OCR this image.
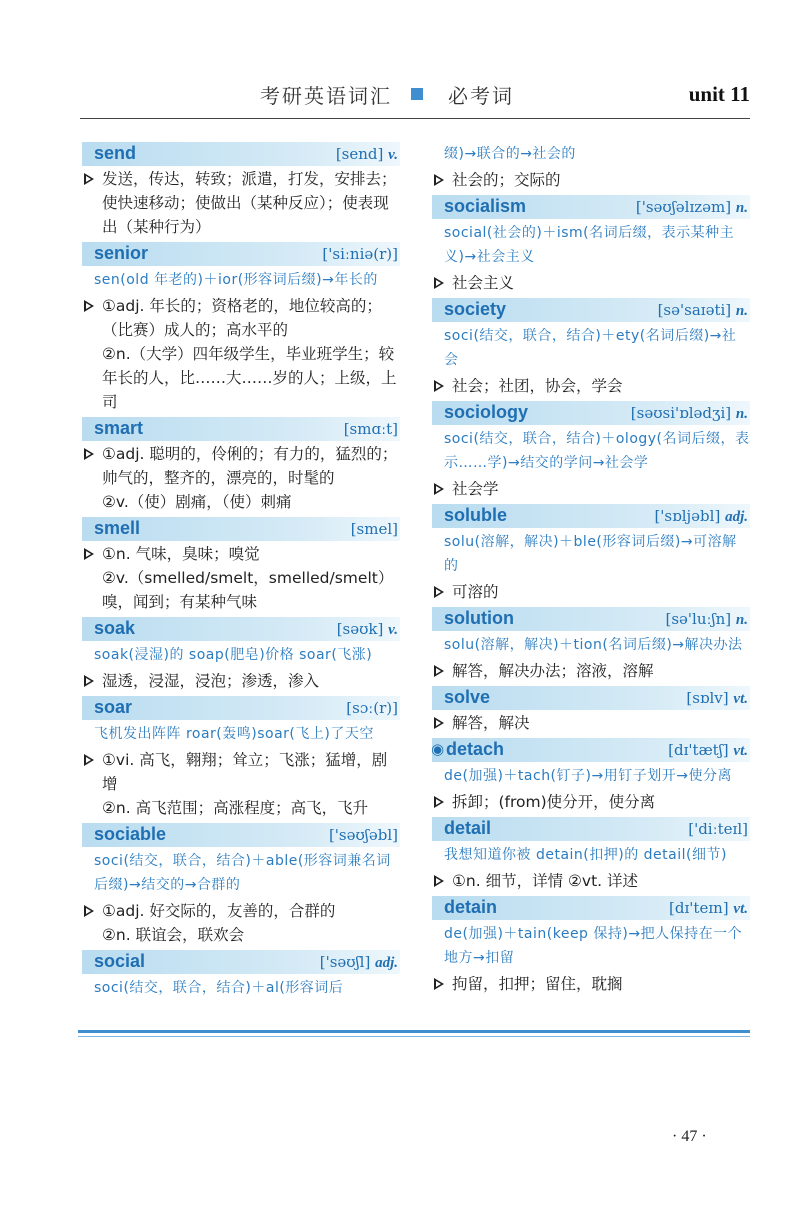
考研英语词汇	必考词	unit 11
send	[send] v.
发送，传达，转致；派遣，打发，安排去；使快速移动；使做出（某种反应）；使表现出（某种行为）
senior	['siːniə(r)]
sen(old 年老的)＋ior(形容词后缀)→年长的
①adj. 年长的；资格老的，地位较高的；（比赛）成人的；高水平的
②n.（大学）四年级学生，毕业班学生；较年长的人，比……大……岁的人；上级，上司
smart	[smɑːt]
①adj. 聪明的，伶俐的；有力的，猛烈的；帅气的，整齐的，漂亮的，时髦的
②v.（使）剧痛，（使）刺痛
smell	[smel]
①n. 气味，臭味；嗅觉
②v.（smelled/smelt，smelled/smelt）嗅，闻到；有某种气味
soak	[səʊk] v.
soak(浸湿)的 soap(肥皂)价格 soar(飞涨)
湿透，浸湿，浸泡；渗透，渗入
soar	[sɔː(r)]
飞机发出阵阵 roar(轰鸣)soar(飞上)了天空
①vi. 高飞，翱翔；耸立；飞涨；猛增，剧增
②n. 高飞范围；高涨程度；高飞，飞升
sociable	['səʊʃəbl]
soci(结交，联合，结合)＋able(形容词兼名词后缀)→结交的→合群的
①adj. 好交际的，友善的，合群的
②n. 联谊会，联欢会
social	['səʊʃl] adj.
soci(结交，联合，结合)＋al(形容词后
缀)→联合的→社会的
社会的；交际的
socialism	['səʊʃəlɪzəm] n.
social(社会的)＋ism(名词后缀，表示某种主义)→社会主义
社会主义
society	[sə'saɪəti] n.
soci(结交，联合，结合)＋ety(名词后缀)→社会
社会；社团，协会，学会
sociology	[səʊsi'ɒlədʒi] n.
soci(结交，联合，结合)＋ology(名词后缀，表示……学)→结交的学问→社会学
社会学
soluble	['sɒljəbl] adj.
solu(溶解，解决)＋ble(形容词后缀)→可溶解的
可溶的
solution	[sə'luːʃn] n.
solu(溶解，解决)＋tion(名词后缀)→解决办法
解答，解决办法；溶液，溶解
solve	[sɒlv] vt.
解答，解决
◉ detach	[dɪ'tætʃ] vt.
de(加强)＋tach(钉子)→用钉子划开→使分离
拆卸；(from)使分开，使分离
detail	['diːteɪl]
我想知道你被 detain(扣押)的 detail(细节)
①n. 细节，详情 ②vt. 详述
detain	[dɪ'teɪn] vt.
de(加强)＋tain(keep 保持)→把人保持在一个地方→扣留
拘留，扣押；留住，耽搁
· 47 ·
